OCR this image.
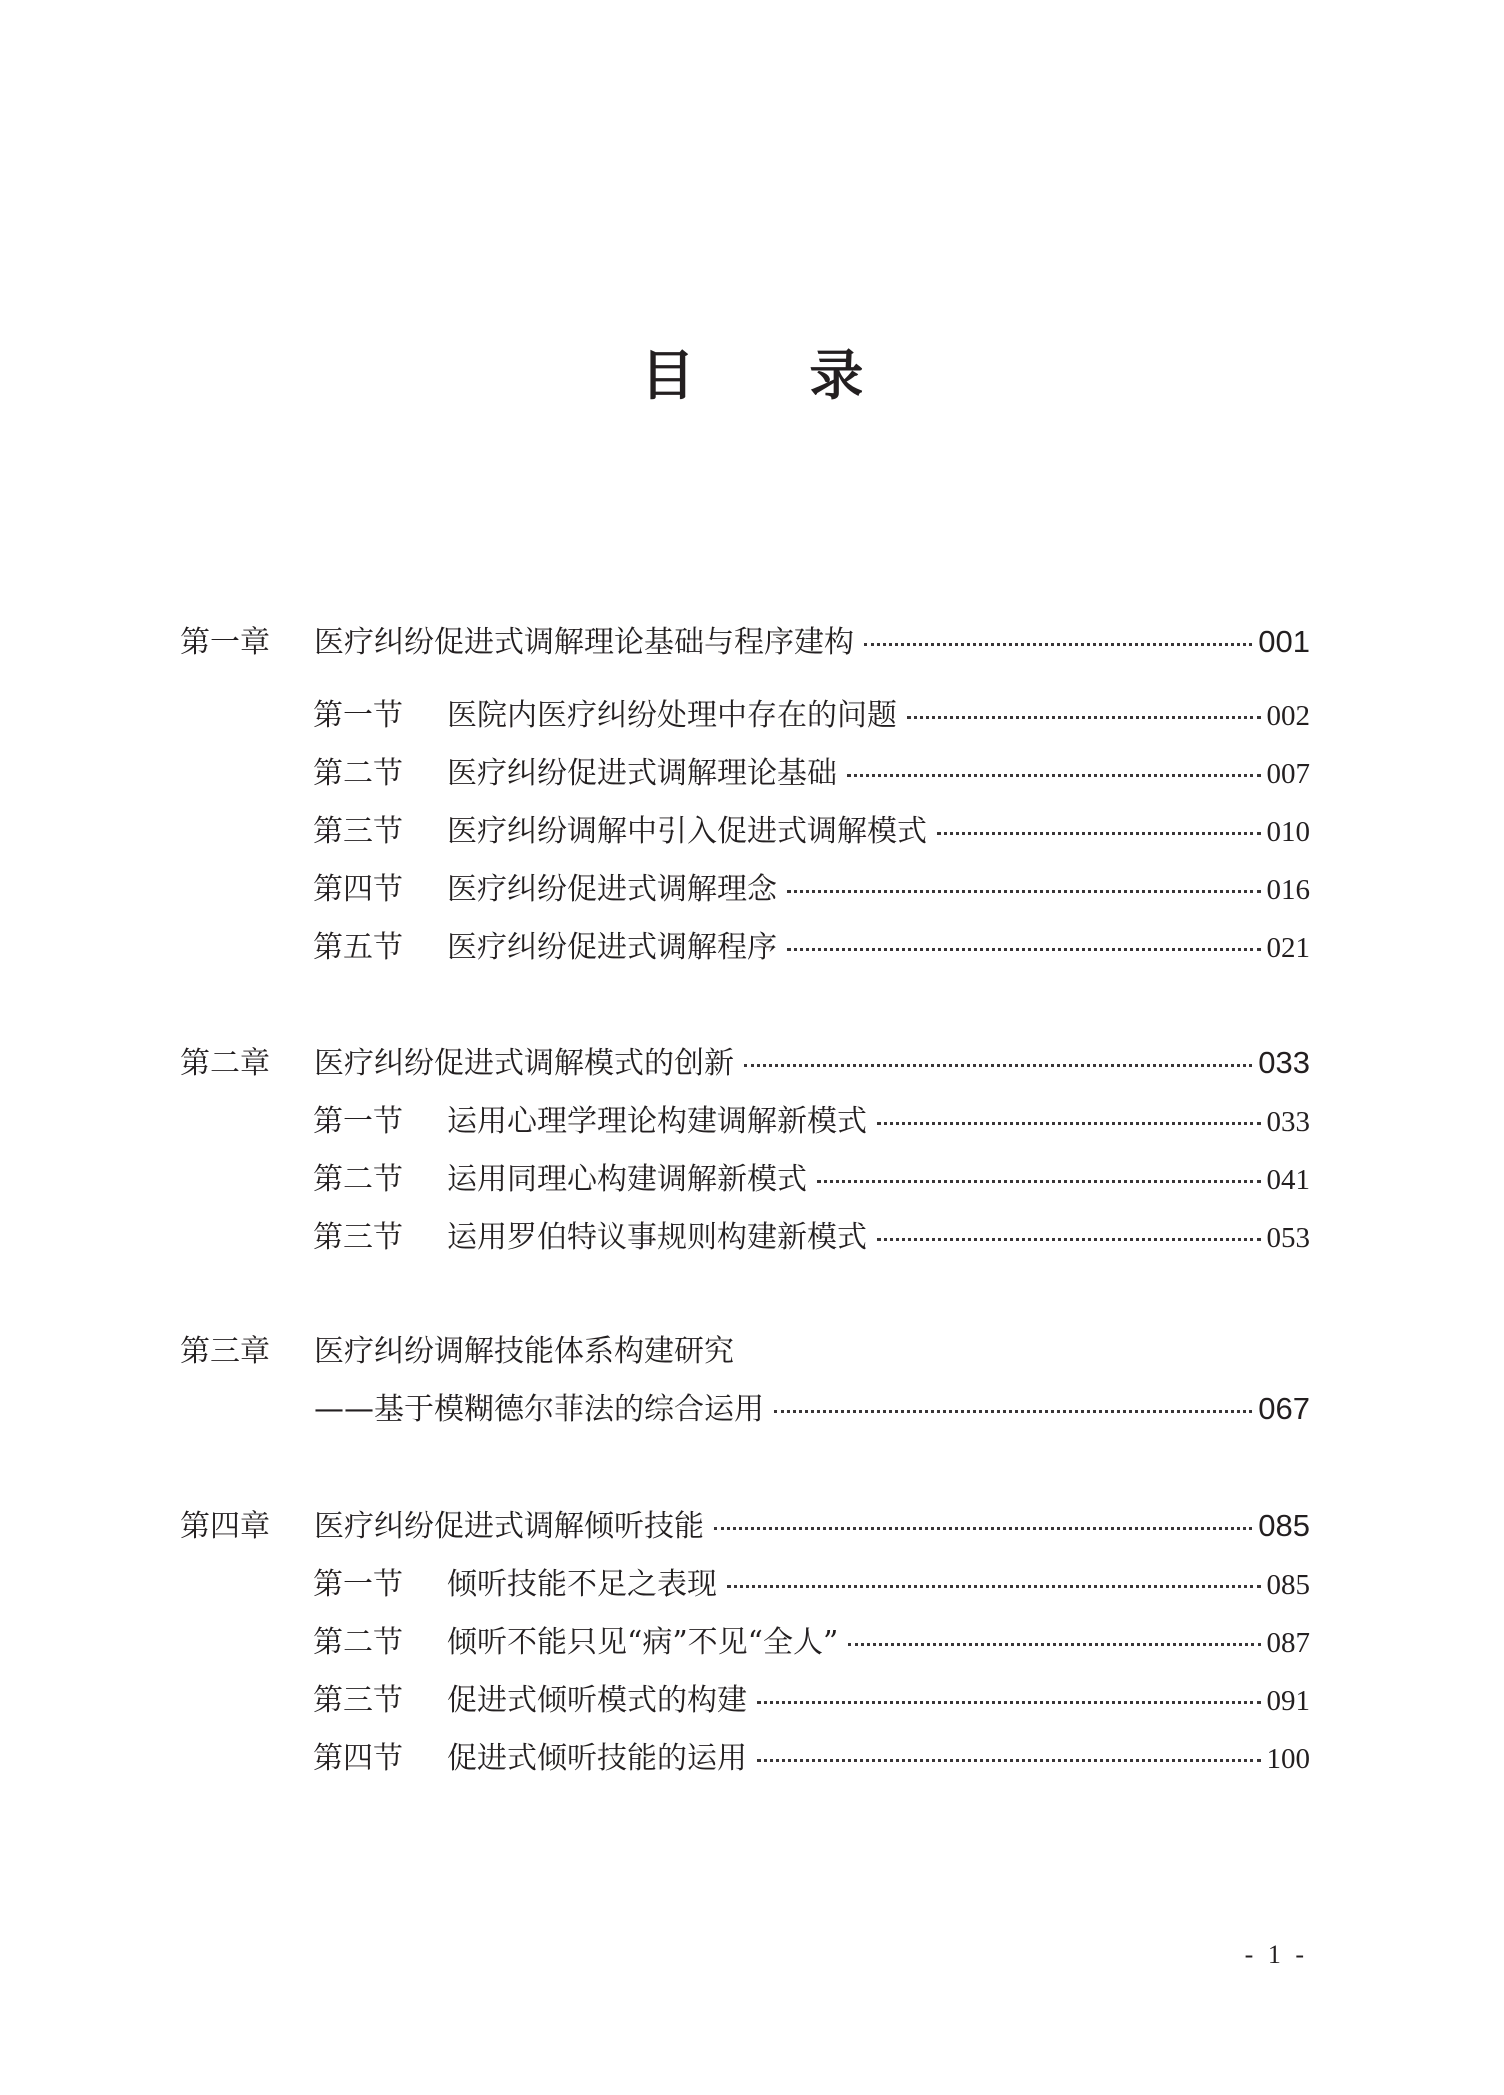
目 录
第一章	医疗纠纷促进式调解理论基础与程序建构	001
第一节	医院内医疗纠纷处理中存在的问题	002
第二节	医疗纠纷促进式调解理论基础	007
第三节	医疗纠纷调解中引入促进式调解模式	010
第四节	医疗纠纷促进式调解理念	016
第五节	医疗纠纷促进式调解程序	021
第二章	医疗纠纷促进式调解模式的创新	033
第一节	运用心理学理论构建调解新模式	033
第二节	运用同理心构建调解新模式	041
第三节	运用罗伯特议事规则构建新模式	053
第三章	医疗纠纷调解技能体系构建研究
——基于模糊德尔菲法的综合运用	067
第四章	医疗纠纷促进式调解倾听技能	085
第一节	倾听技能不足之表现	085
第二节	倾听不能只见“病”不见“全人”	087
第三节	促进式倾听模式的构建	091
第四节	促进式倾听技能的运用	100
- 1 -
